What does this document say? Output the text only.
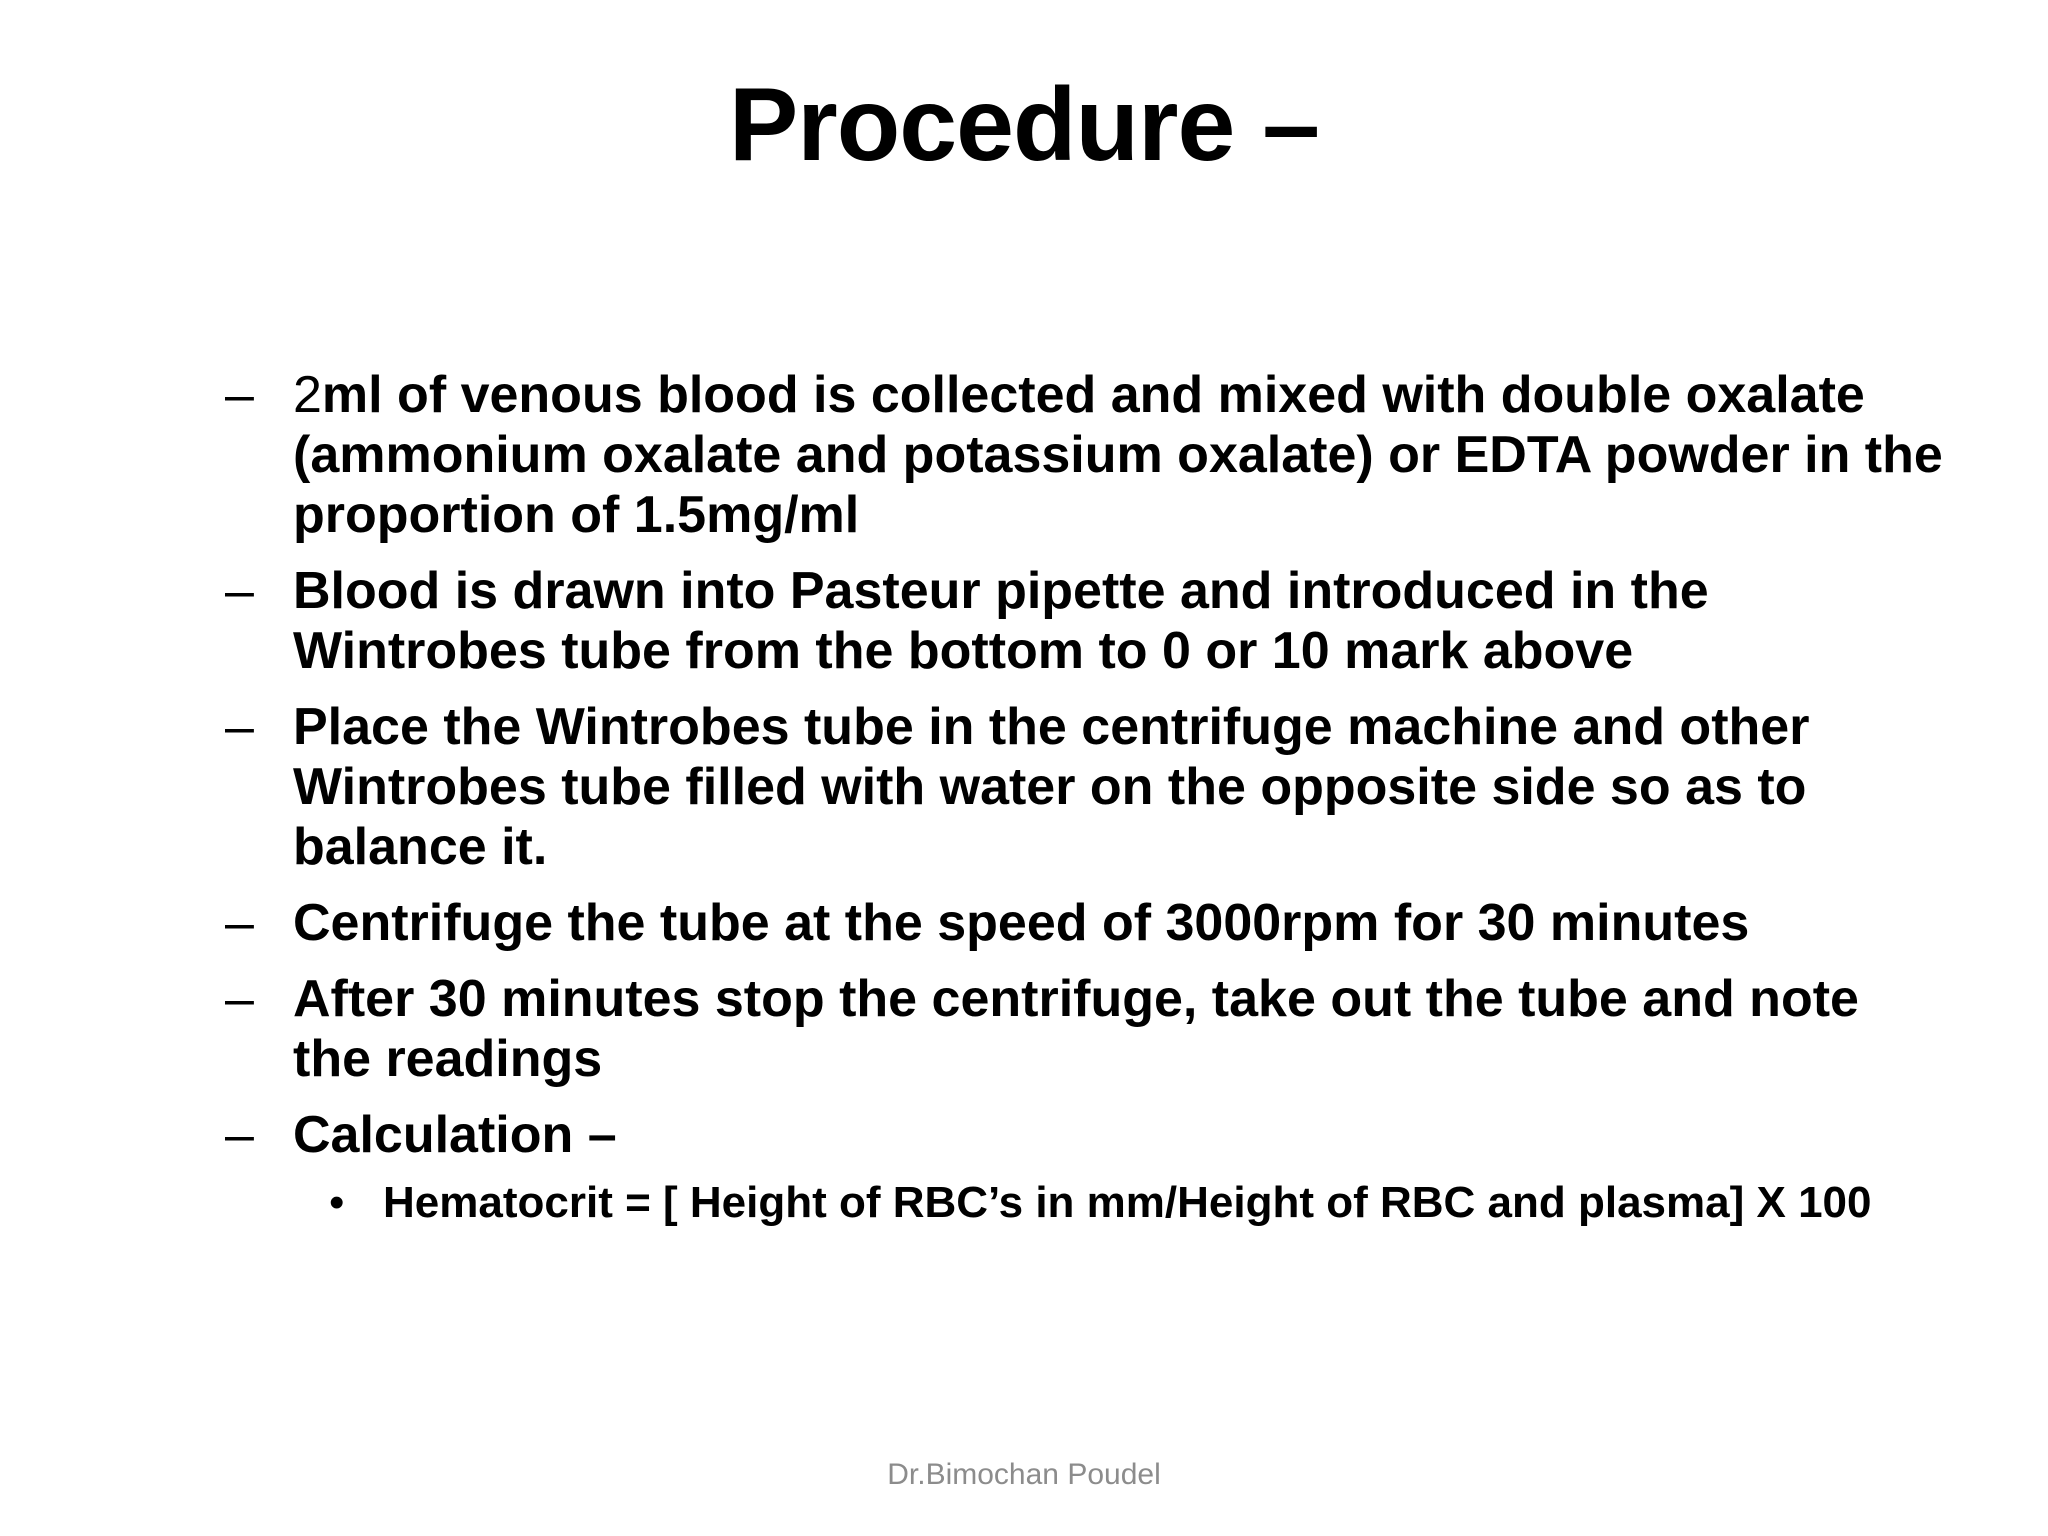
Procedure –
– 2ml of venous blood is collected and mixed with double oxalate (ammonium oxalate and potassium oxalate) or EDTA powder in the proportion of 1.5mg/ml
– Blood is drawn into Pasteur pipette and introduced in the Wintrobes tube from the bottom to 0 or 10 mark above
– Place the Wintrobes tube in the centrifuge machine and other Wintrobes tube filled with water on the opposite side so as to balance it.
– Centrifuge the tube at the speed of 3000rpm for 30 minutes
– After 30 minutes stop the centrifuge, take out the tube and note the readings
– Calculation –
• Hematocrit = [ Height of RBC’s in mm/Height of RBC and plasma] X 100
Dr.Bimochan Poudel
